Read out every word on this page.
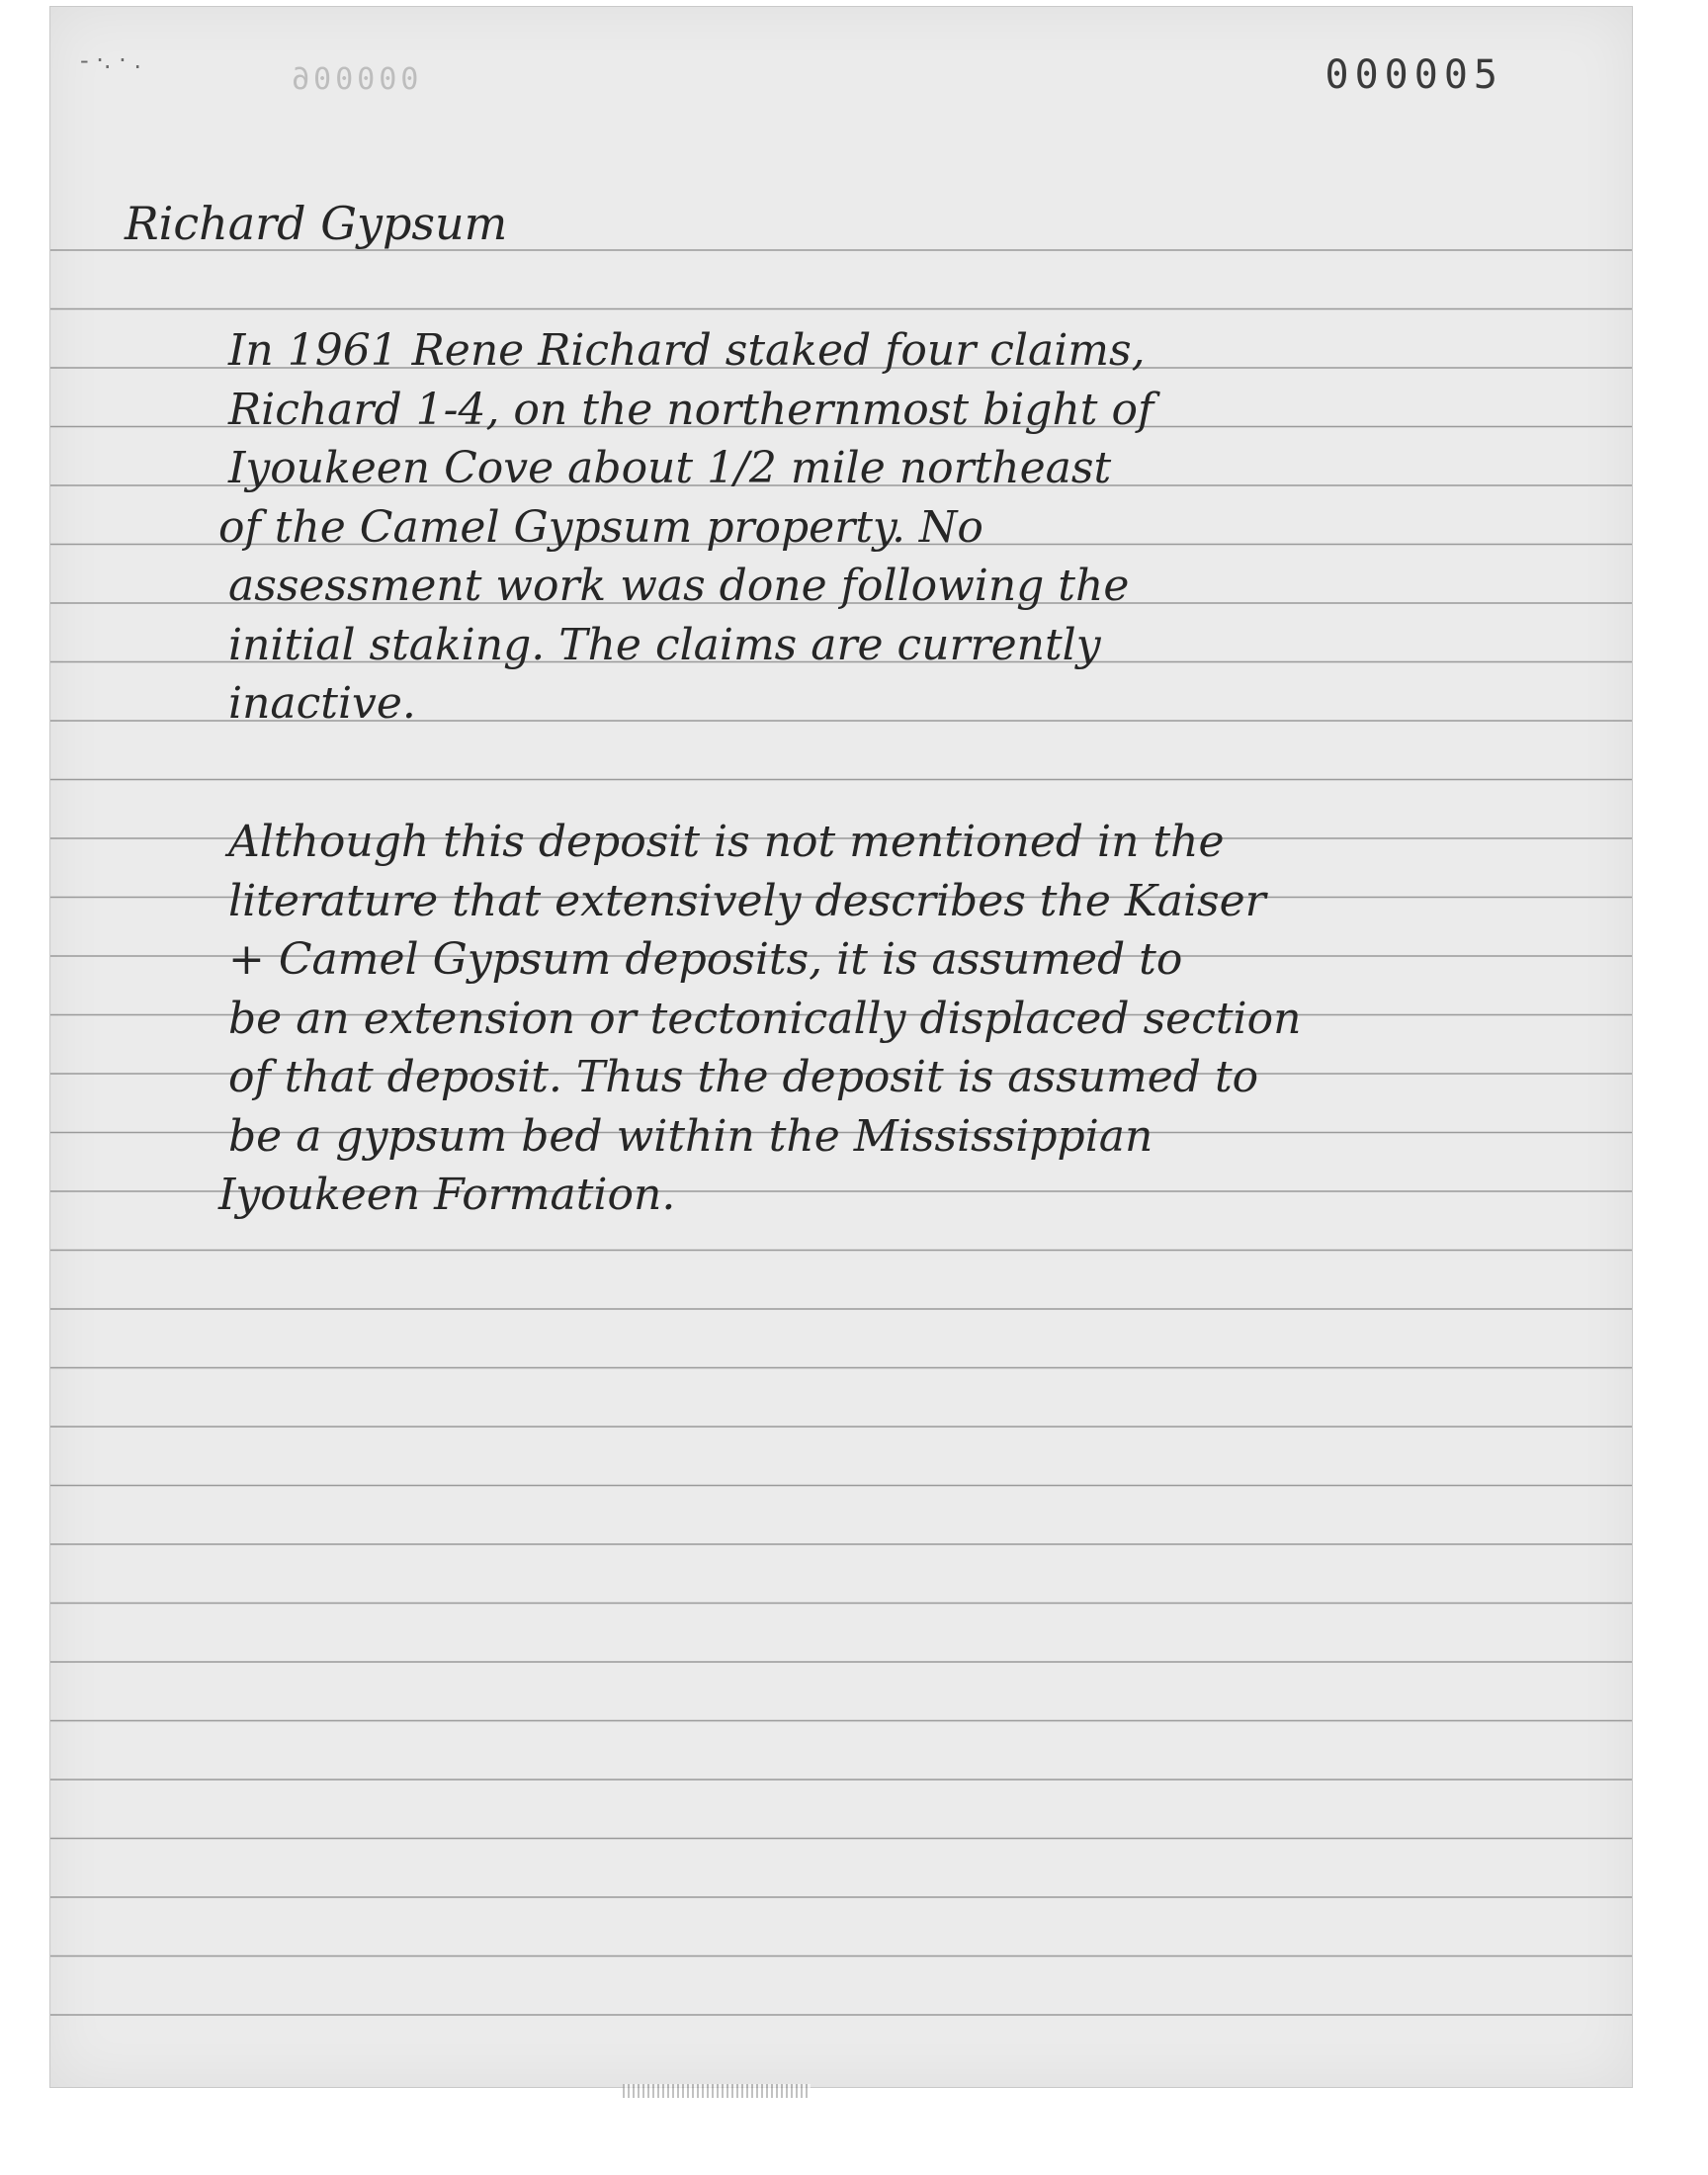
- ·. · .
000006	000005
Richard Gypsum
In 1961 Rene Richard staked four claims,
Richard 1-4, on the northernmost bight of
Iyoukeen Cove about 1/2 mile northeast
of the Camel Gypsum property. No
assessment work was done following the
initial staking. The claims are currently
inactive.
Although this deposit is not mentioned in the
literature that extensively describes the Kaiser
+ Camel Gypsum deposits, it is assumed to
be an extension or tectonically displaced section
of that deposit. Thus the deposit is assumed to
be a gypsum bed within the Mississippian
Iyoukeen Formation.
